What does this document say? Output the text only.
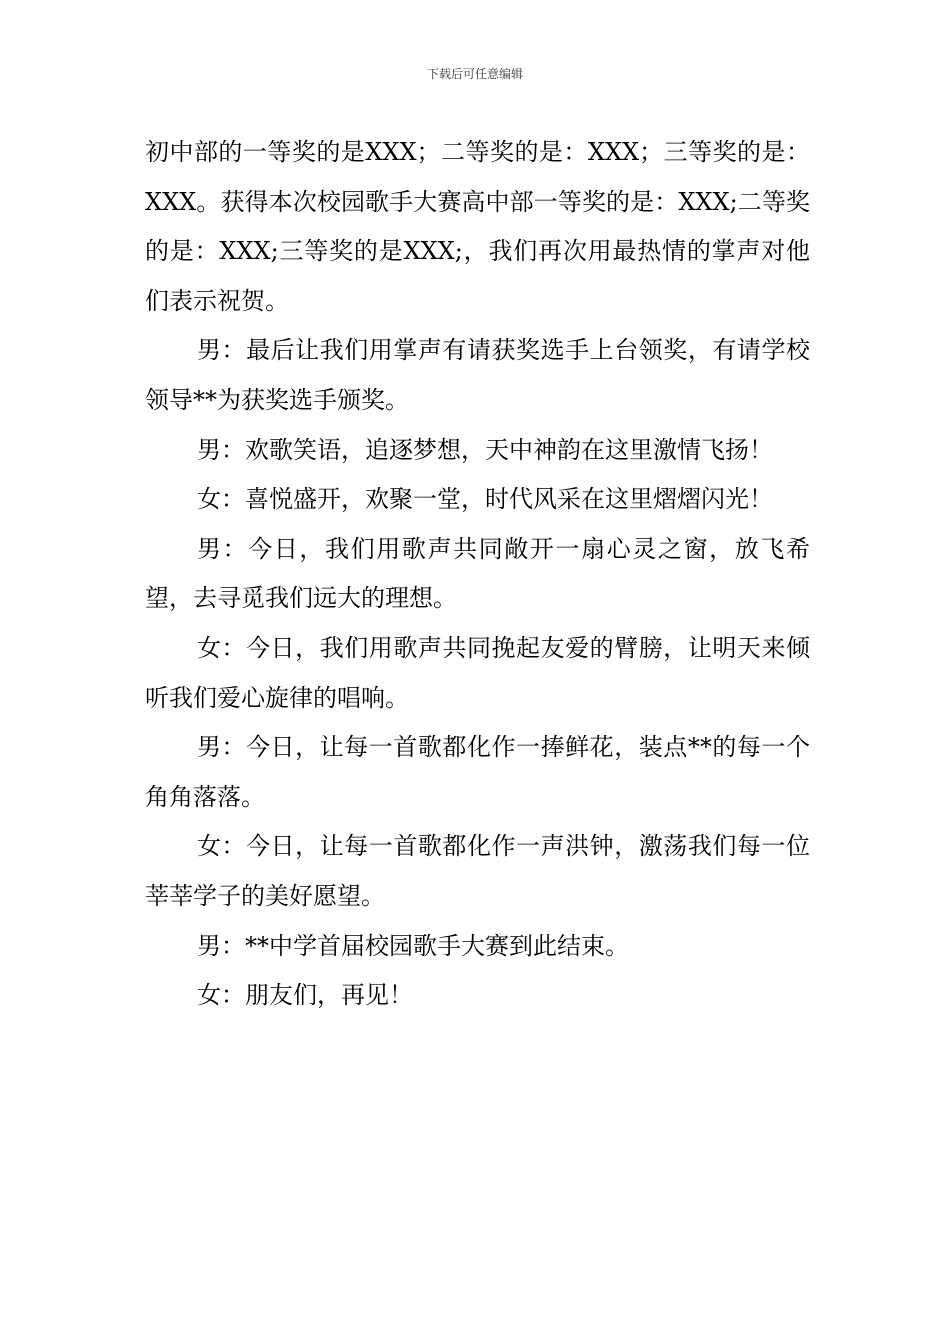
下载后可任意编辑

初中部的一等奖的是XXX；二等奖的是：XXX；三等奖的是：XXX。获得本次校园歌手大赛高中部一等奖的是：XXX;二等奖的是：XXX;三等奖的是XXX;，我们再次用最热情的掌声对他们表示祝贺。

男：最后让我们用掌声有请获奖选手上台领奖，有请学校领导**为获奖选手颁奖。

男：欢歌笑语，追逐梦想，天中神韵在这里激情飞扬！

女：喜悦盛开，欢聚一堂，时代风采在这里熠熠闪光！

男：今日，我们用歌声共同敞开一扇心灵之窗，放飞希望，去寻觅我们远大的理想。

女：今日，我们用歌声共同挽起友爱的臂膀，让明天来倾听我们爱心旋律的唱响。

男：今日，让每一首歌都化作一捧鲜花，装点**的每一个角角落落。

女：今日，让每一首歌都化作一声洪钟，激荡我们每一位莘莘学子的美好愿望。

男：**中学首届校园歌手大赛到此结束。

女：朋友们，再见！
